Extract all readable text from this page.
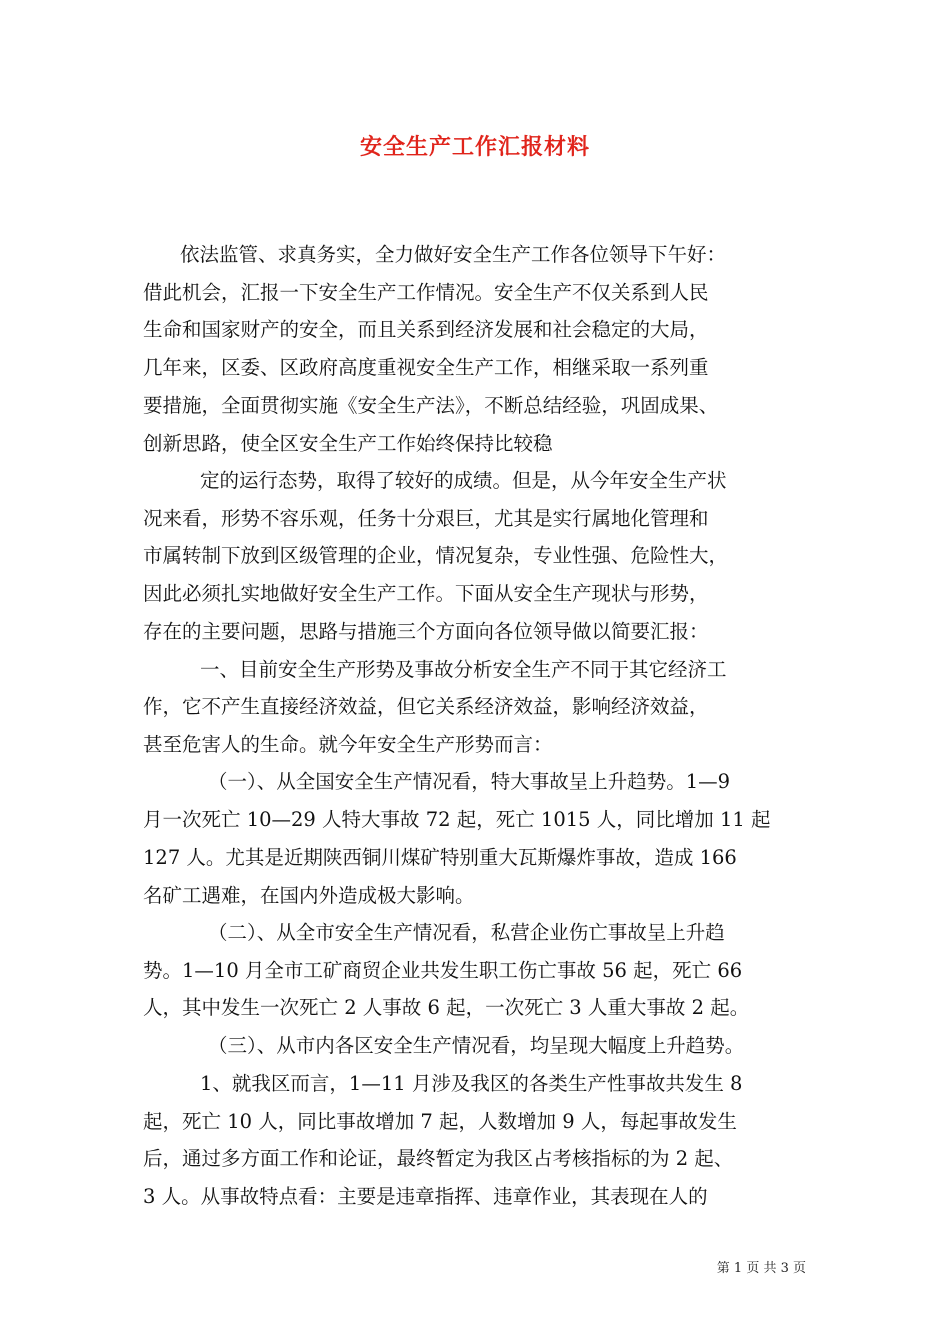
安全生产工作汇报材料

依法监管、求真务实，全力做好安全生产工作各位领导下午好：

借此机会，汇报一下安全生产工作情况。安全生产不仅关系到人民

生命和国家财产的安全，而且关系到经济发展和社会稳定的大局，

几年来，区委、区政府高度重视安全生产工作，相继采取一系列重

要措施，全面贯彻实施《安全生产法》，不断总结经验，巩固成果、

创新思路，使全区安全生产工作始终保持比较稳

定的运行态势，取得了较好的成绩。但是，从今年安全生产状

况来看，形势不容乐观，任务十分艰巨，尤其是实行属地化管理和

市属转制下放到区级管理的企业，情况复杂，专业性强、危险性大，

因此必须扎实地做好安全生产工作。下面从安全生产现状与形势，

存在的主要问题，思路与措施三个方面向各位领导做以简要汇报：

一、目前安全生产形势及事故分析安全生产不同于其它经济工

作，它不产生直接经济效益，但它关系经济效益，影响经济效益，

甚至危害人的生命。就今年安全生产形势而言：

（一）、从全国安全生产情况看，特大事故呈上升趋势。1—9

月一次死亡 10—29 人特大事故 72 起，死亡 1015 人，同比增加 11 起

127 人。尤其是近期陕西铜川煤矿特别重大瓦斯爆炸事故，造成 166

名矿工遇难，在国内外造成极大影响。

（二）、从全市安全生产情况看，私营企业伤亡事故呈上升趋

势。1—10 月全市工矿商贸企业共发生职工伤亡事故 56 起，死亡 66

人，其中发生一次死亡 2 人事故 6 起，一次死亡 3 人重大事故 2 起。

（三）、从市内各区安全生产情况看，均呈现大幅度上升趋势。

1、就我区而言，1—11 月涉及我区的各类生产性事故共发生 8

起，死亡 10 人，同比事故增加 7 起，人数增加 9 人，每起事故发生

后，通过多方面工作和论证，最终暂定为我区占考核指标的为 2 起、

3 人。从事故特点看：主要是违章指挥、违章作业，其表现在人的

第 1 页 共 3 页
